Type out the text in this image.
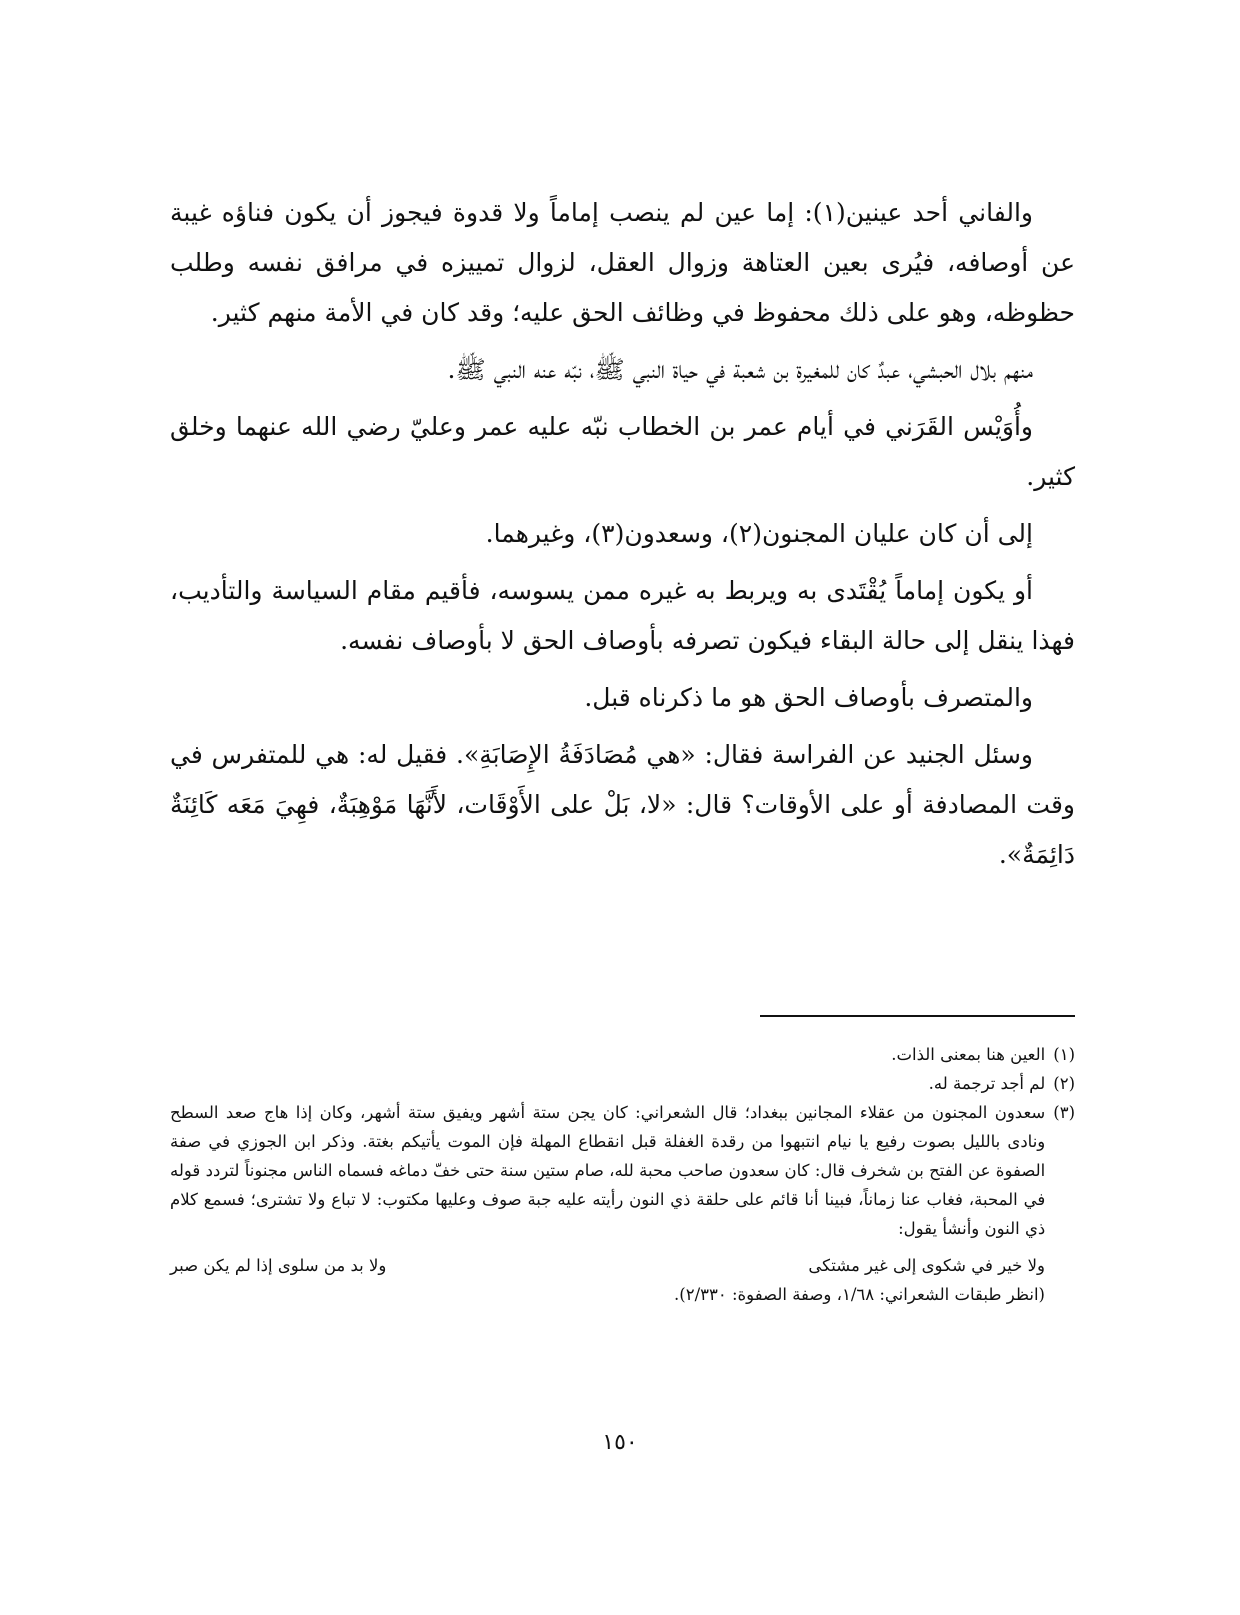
والفاني أحد عينين(١): إما عين لم ينصب إماماً ولا قدوة فيجوز أن يكون فناؤه غيبة عن أوصافه، فيُرى بعين العتاهة وزوال العقل، لزوال تمييزه في مرافق نفسه وطلب حظوظه، وهو على ذلك محفوظ في وظائف الحق عليه؛ وقد كان في الأمة منهم كثير.

منهم بلال الحبشي، عبدٌ كان للمغيرة بن شعبة في حياة النبي ﷺ، نبّه عنه النبي ﷺ.

وأُوَيْس القَرَني في أيام عمر بن الخطاب نبّه عليه عمر وعليّ رضي الله عنهما وخلق كثير.

إلى أن كان عليان المجنون(٢)، وسعدون(٣)، وغيرهما.

أو يكون إماماً يُقْتَدى به ويربط به غيره ممن يسوسه، فأقيم مقام السياسة والتأديب، فهذا ينقل إلى حالة البقاء فيكون تصرفه بأوصاف الحق لا بأوصاف نفسه.

والمتصرف بأوصاف الحق هو ما ذكرناه قبل.

وسئل الجنيد عن الفراسة فقال: «هي مُصَادَفَةُ الإِصَابَةِ». فقيل له: هي للمتفرس في وقت المصادفة أو على الأوقات؟ قال: «لا، بَلْ على الأَوْقَات، لأَنَّهَا مَوْهِبَةٌ، فهِيَ مَعَه كَائِنَةٌ دَائِمَةٌ».

(١)
العين هنا بمعنى الذات.
(٢)
لم أجد ترجمة له.
(٣)
سعدون المجنون من عقلاء المجانين ببغداد؛ قال الشعراني: كان يجن ستة أشهر ويفيق ستة أشهر، وكان إذا هاج صعد السطح ونادى بالليل بصوت رفيع يا نيام انتبهوا من رقدة الغفلة قبل انقطاع المهلة فإن الموت يأتيكم بغتة. وذكر ابن الجوزي في صفة الصفوة عن الفتح بن شخرف قال: كان سعدون صاحب محبة لله، صام ستين سنة حتى خفّ دماغه فسماه الناس مجنوناً لتردد قوله في المحبة، فغاب عنا زماناً، فبينا أنا قائم على حلقة ذي النون رأيته عليه جبة صوف وعليها مكتوب: لا تباع ولا تشترى؛ فسمع كلام ذي النون وأنشأ يقول:
ولا خير في شكوى إلى غير مشتكى
ولا بد من سلوى إذا لم يكن صبر

(انظر طبقات الشعراني: ١/٦٨، وصفة الصفوة: ٢/٣٣٠).

١٥٠
